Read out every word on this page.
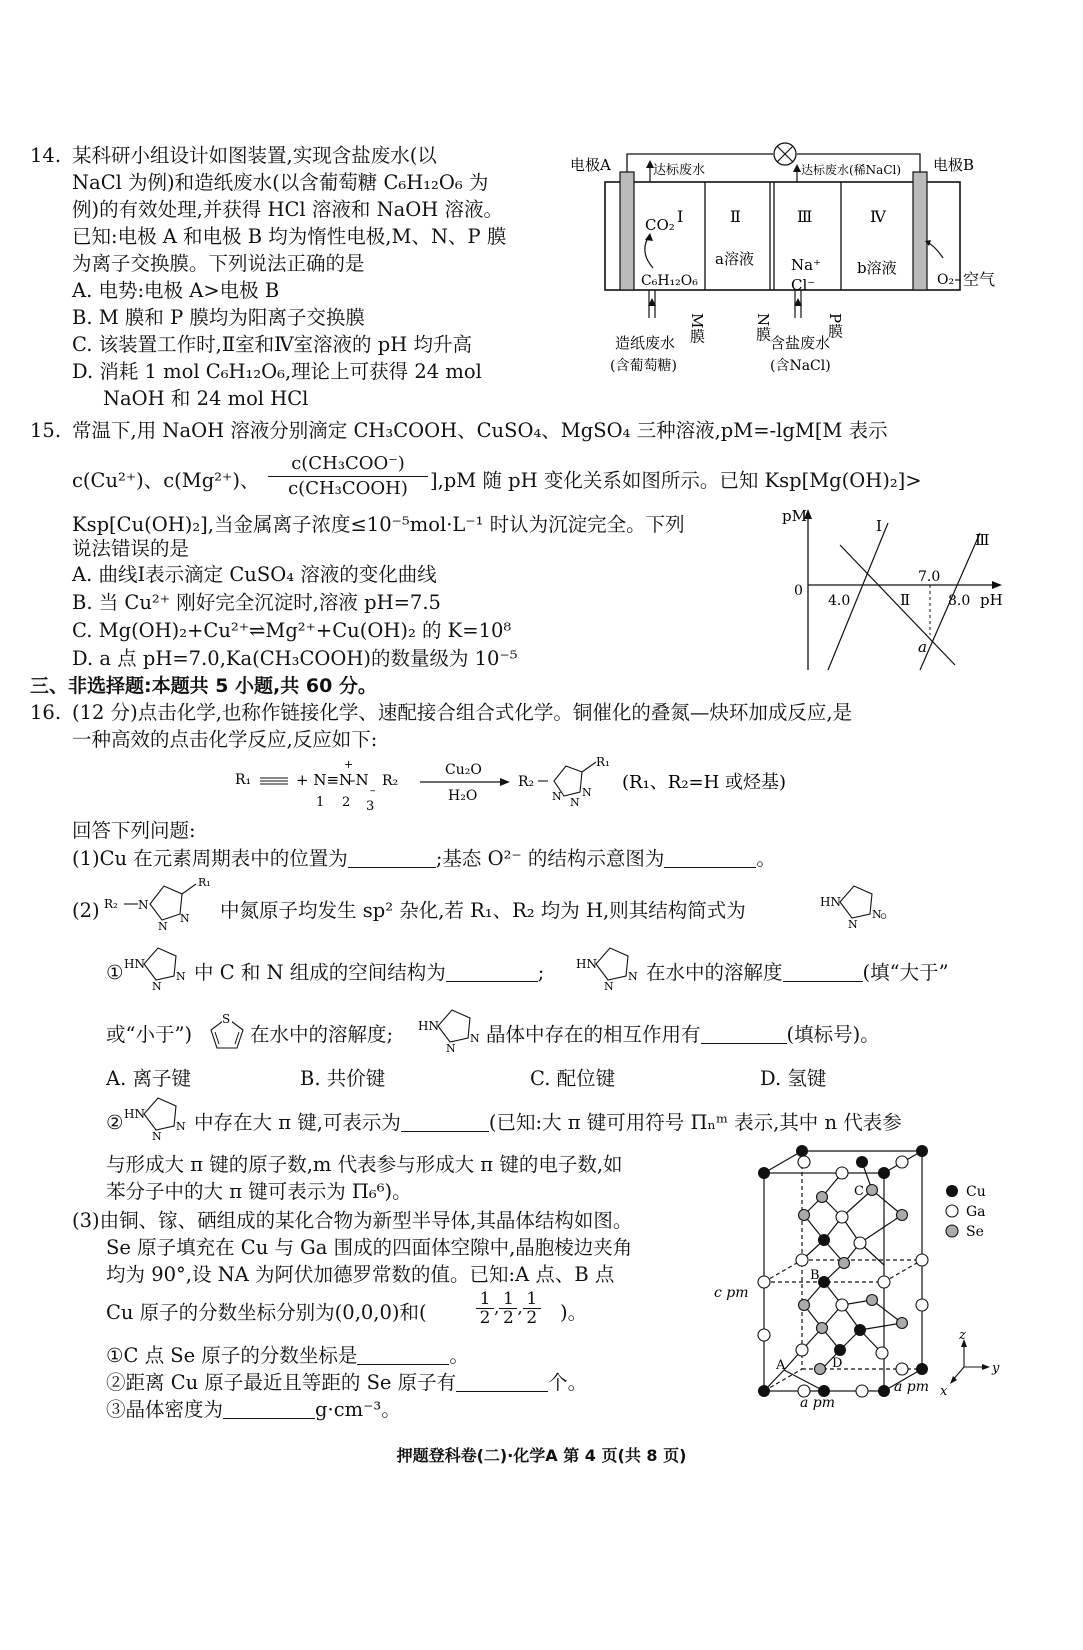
14. 某科研小组设计如图装置,实现含盐废水(以
NaCl 为例)和造纸废水(以含葡萄糖 C₆H₁₂O₆ 为
例)的有效处理,并获得 HCl 溶液和 NaOH 溶液。
已知:电极 A 和电极 B 均为惰性电极,M、N、P 膜
为离子交换膜。下列说法正确的是
A. 电势:电极 A>电极 B
B. M 膜和 P 膜均为阳离子交换膜
C. 该装置工作时,Ⅱ室和Ⅳ室溶液的 pH 均升高
D. 消耗 1 mol C₆H₁₂O₆,理论上可获得 24 mol
NaOH 和 24 mol HCl
电极A	达标废水	达标废水(稀NaCl) 电极B
Ⅰ	Ⅱ	Ⅲ	Ⅳ
CO₂
C₆H₁₂O₆
a溶液 Na⁺
Cl⁻
b溶液
O₂ 空气
M膜	N膜	P膜
造纸废水
(含葡萄糖)
含盐废水
(含NaCl)
15. 常温下,用 NaOH 溶液分别滴定 CH₃COOH、CuSO₄、MgSO₄ 三种溶液,pM=-lgM[M 表示
c(Cu²⁺)、c(Mg²⁺)、
c(CH₃COO⁻)
c(CH₃COOH)	],pM 随 pH 变化关系如图所示。已知 Ksp[Mg(OH)₂]>
Ksp[Cu(OH)₂],当金属离子浓度≤10⁻⁵mol·L⁻¹ 时认为沉淀完全。下列
说法错误的是
A. 曲线Ⅰ表示滴定 CuSO₄ 溶液的变化曲线
B. 当 Cu²⁺ 刚好完全沉淀时,溶液 pH=7.5
C. Mg(OH)₂+Cu²⁺⇌Mg²⁺+Cu(OH)₂ 的 K=10⁸
D. a 点 pH=7.0,Ka(CH₃COOH)的数量级为 10⁻⁵
pM
pH
0
4.0
7.0
8.0
Ⅰ
Ⅱ
Ⅲ
a
三、非选择题:本题共 5 小题,共 60 分。
16. (12 分)点击化学,也称作链接化学、速配接合组合式化学。铜催化的叠氮—炔环加成反应,是
一种高效的点击化学反应,反应如下:
R₁	+ N≡N
+
–N
–
R₂
1 2 3
Cu₂O
H₂O
R₂
R₁
N N
N (R₁、R₂=H 或烃基)
回答下列问题:
(1)Cu 在元素周期表中的位置为	;基态 O²⁻ 的结构示意图为	。
(2) R₂ N
R₁
N
N 中氮原子均发生 sp² 杂化,若 R₁、R₂ 均为 H,则其结构简式为	HN
N
N
。
① HN
N
N 中 C 和 N 组成的空间结构为	;	HN
N
N 在水中的溶解度	(填“大于”
或“小于”)
S
在水中的溶解度; HN
N
N 晶体中存在的相互作用有	(填标号)。
A. 离子键	B. 共价键	C. 配位键	D. 氢键
② HN
N
N 中存在大 π 键,可表示为	(已知:大 π 键可用符号 Πₙᵐ 表示,其中 n 代表参
与形成大 π 键的原子数,m 代表参与形成大 π 键的电子数,如
苯分子中的大 π 键可表示为 Π₆⁶)。
(3)由铜、镓、硒组成的某化合物为新型半导体,其晶体结构如图。
Se 原子填充在 Cu 与 Ga 围成的四面体空隙中,晶胞棱边夹角
均为 90°,设 NA 为阿伏加德罗常数的值。已知:A 点、B 点
Cu 原子的分数坐标分别为(0,0,0)和(	$\frac{1}{2}$ , $\frac{1}{2}$ , $\frac{1}{2}$ )。
①C 点 Se 原子的分数坐标是	。
②距离 Cu 原子最近且等距的 Se 原子有	个。
③晶体密度为	g·cm⁻³。
C
B
A	D
c pm
a pm
a pm
Cu
Ga
Se
z
y
x
押题登科卷(二)·化学A 第 4 页(共 8 页)
